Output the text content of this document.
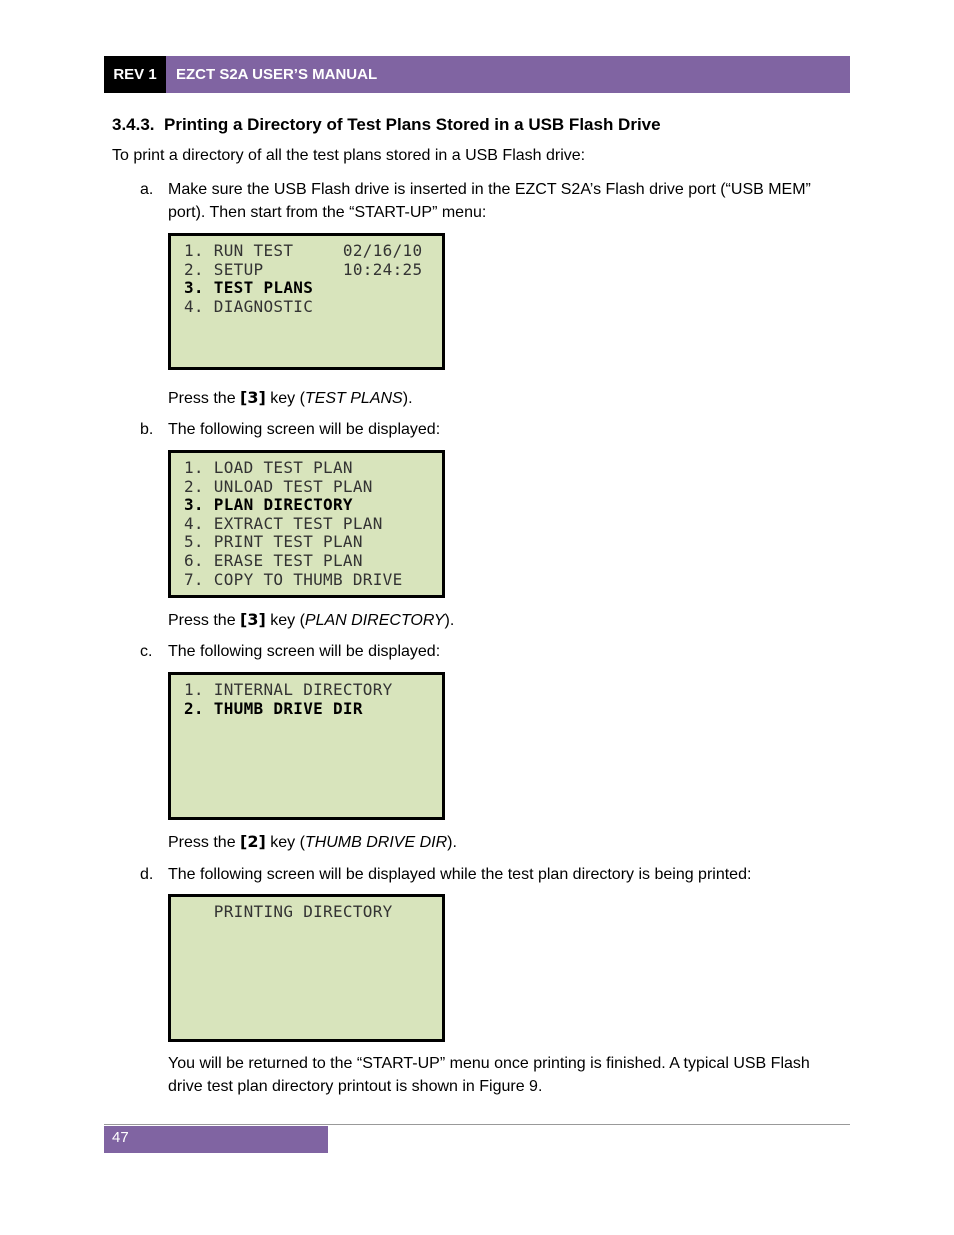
REV 1	EZCT S2A USER’S MANUAL
3.4.3. Printing a Directory of Test Plans Stored in a USB Flash Drive
To print a directory of all the test plans stored in a USB Flash drive:
a. Make sure the USB Flash drive is inserted in the EZCT S2A’s Flash drive port (“USB MEM” port). Then start from the “START-UP” menu:
1. RUN TEST     02/16/10
2. SETUP        10:24:25
3. TEST PLANS
4. DIAGNOSTIC
Press the [3] key (TEST PLANS).
b. The following screen will be displayed:
1. LOAD TEST PLAN
2. UNLOAD TEST PLAN
3. PLAN DIRECTORY
4. EXTRACT TEST PLAN
5. PRINT TEST PLAN
6. ERASE TEST PLAN
7. COPY TO THUMB DRIVE
Press the [3] key (PLAN DIRECTORY).
c. The following screen will be displayed:
1. INTERNAL DIRECTORY
2. THUMB DRIVE DIR
Press the [2] key (THUMB DRIVE DIR).
d. The following screen will be displayed while the test plan directory is being printed:
PRINTING DIRECTORY
You will be returned to the “START-UP” menu once printing is finished. A typical USB Flash drive test plan directory printout is shown in Figure 9.
47
